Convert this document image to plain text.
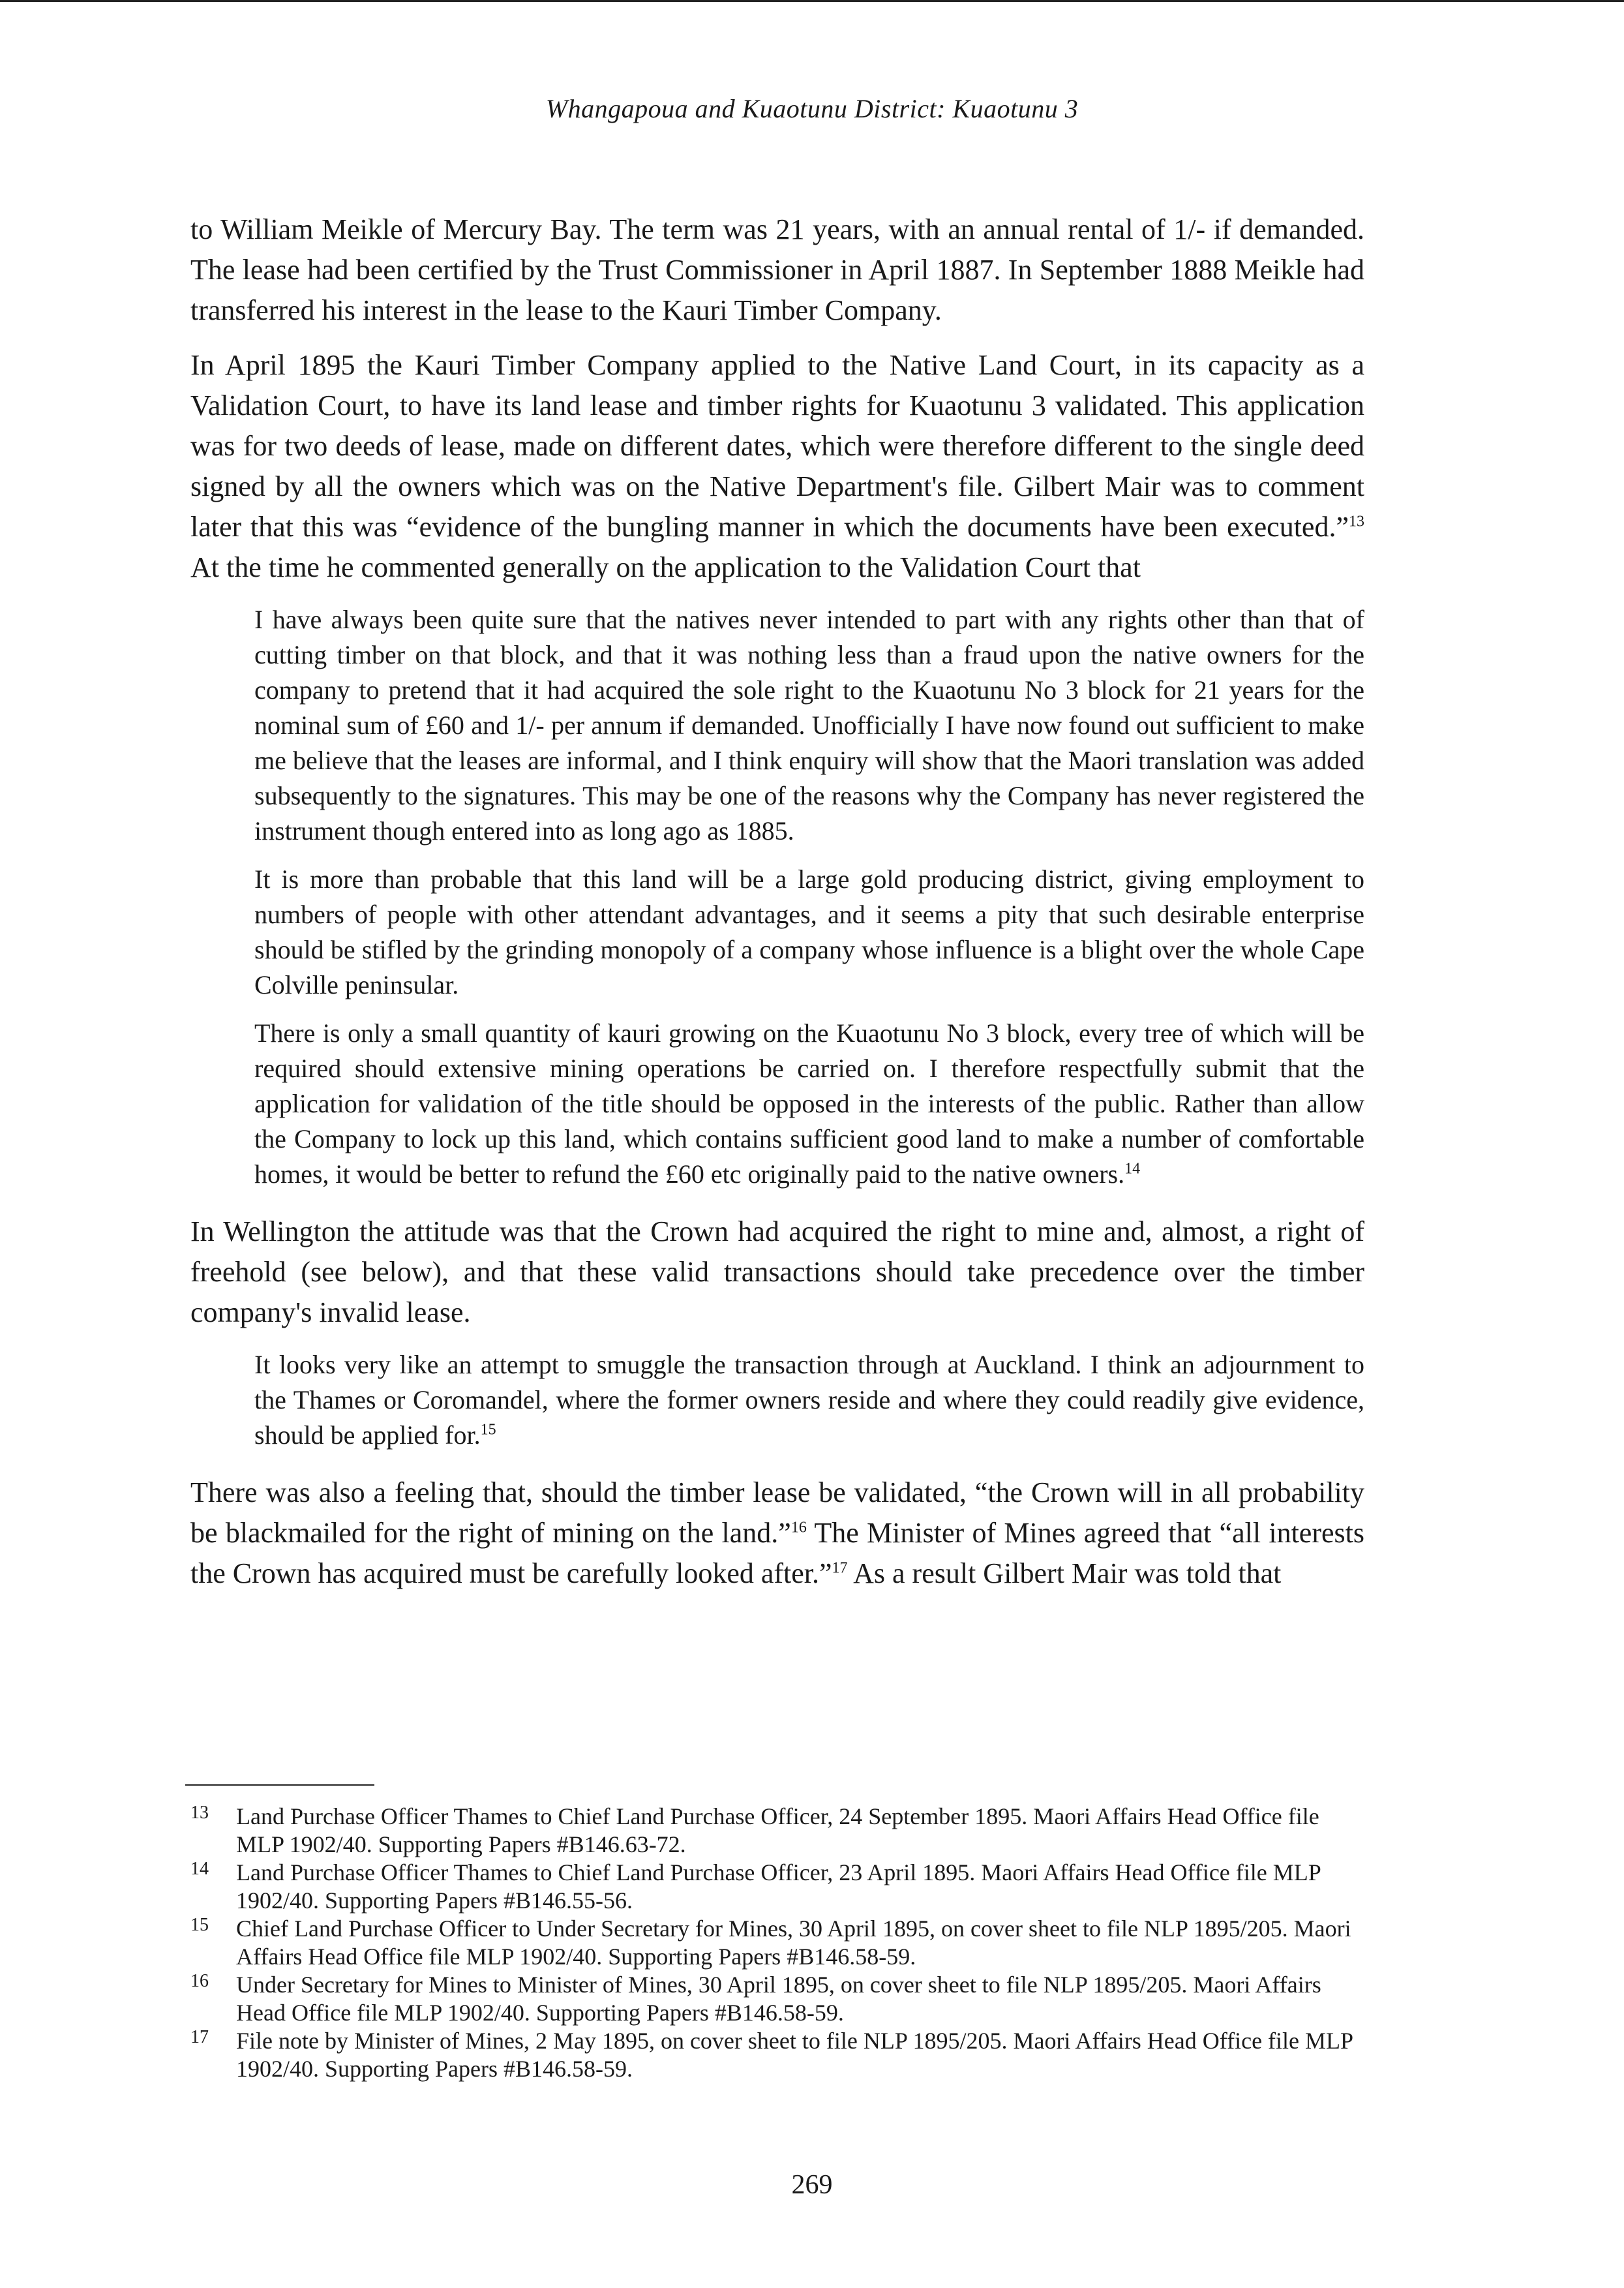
Whangapoua and Kuaotunu District: Kuaotunu 3

to William Meikle of Mercury Bay. The term was 21 years, with an annual rental of 1/- if demanded. The lease had been certified by the Trust Commissioner in April 1887. In September 1888 Meikle had transferred his interest in the lease to the Kauri Timber Company.

In April 1895 the Kauri Timber Company applied to the Native Land Court, in its capacity as a Validation Court, to have its land lease and timber rights for Kuaotunu 3 validated. This application was for two deeds of lease, made on different dates, which were therefore different to the single deed signed by all the owners which was on the Native Department's file. Gilbert Mair was to comment later that this was “evidence of the bungling manner in which the documents have been executed.”$^{13}$ At the time he commented generally on the application to the Validation Court that

I have always been quite sure that the natives never intended to part with any rights other than that of cutting timber on that block, and that it was nothing less than a fraud upon the native owners for the company to pretend that it had acquired the sole right to the Kuaotunu No 3 block for 21 years for the nominal sum of £60 and 1/- per annum if demanded. Unofficially I have now found out sufficient to make me believe that the leases are informal, and I think enquiry will show that the Maori translation was added subsequently to the signatures. This may be one of the reasons why the Company has never registered the instrument though entered into as long ago as 1885.

It is more than probable that this land will be a large gold producing district, giving employment to numbers of people with other attendant advantages, and it seems a pity that such desirable enterprise should be stifled by the grinding monopoly of a company whose influence is a blight over the whole Cape Colville peninsular.

There is only a small quantity of kauri growing on the Kuaotunu No 3 block, every tree of which will be required should extensive mining operations be carried on. I therefore respectfully submit that the application for validation of the title should be opposed in the interests of the public. Rather than allow the Company to lock up this land, which contains sufficient good land to make a number of comfortable homes, it would be better to refund the £60 etc originally paid to the native owners.$^{14}$

In Wellington the attitude was that the Crown had acquired the right to mine and, almost, a right of freehold (see below), and that these valid transactions should take precedence over the timber company's invalid lease.

It looks very like an attempt to smuggle the transaction through at Auckland. I think an adjournment to the Thames or Coromandel, where the former owners reside and where they could readily give evidence, should be applied for.$^{15}$

There was also a feeling that, should the timber lease be validated, “the Crown will in all probability be blackmailed for the right of mining on the land.”$^{16}$ The Minister of Mines agreed that “all interests the Crown has acquired must be carefully looked after.”$^{17}$ As a result Gilbert Mair was told that

13 Land Purchase Officer Thames to Chief Land Purchase Officer, 24 September 1895. Maori Affairs Head Office file MLP 1902/40. Supporting Papers #B146.63-72.
14 Land Purchase Officer Thames to Chief Land Purchase Officer, 23 April 1895. Maori Affairs Head Office file MLP 1902/40. Supporting Papers #B146.55-56.
15 Chief Land Purchase Officer to Under Secretary for Mines, 30 April 1895, on cover sheet to file NLP 1895/205. Maori Affairs Head Office file MLP 1902/40. Supporting Papers #B146.58-59.
16 Under Secretary for Mines to Minister of Mines, 30 April 1895, on cover sheet to file NLP 1895/205. Maori Affairs Head Office file MLP 1902/40. Supporting Papers #B146.58-59.
17 File note by Minister of Mines, 2 May 1895, on cover sheet to file NLP 1895/205. Maori Affairs Head Office file MLP 1902/40. Supporting Papers #B146.58-59.
269
